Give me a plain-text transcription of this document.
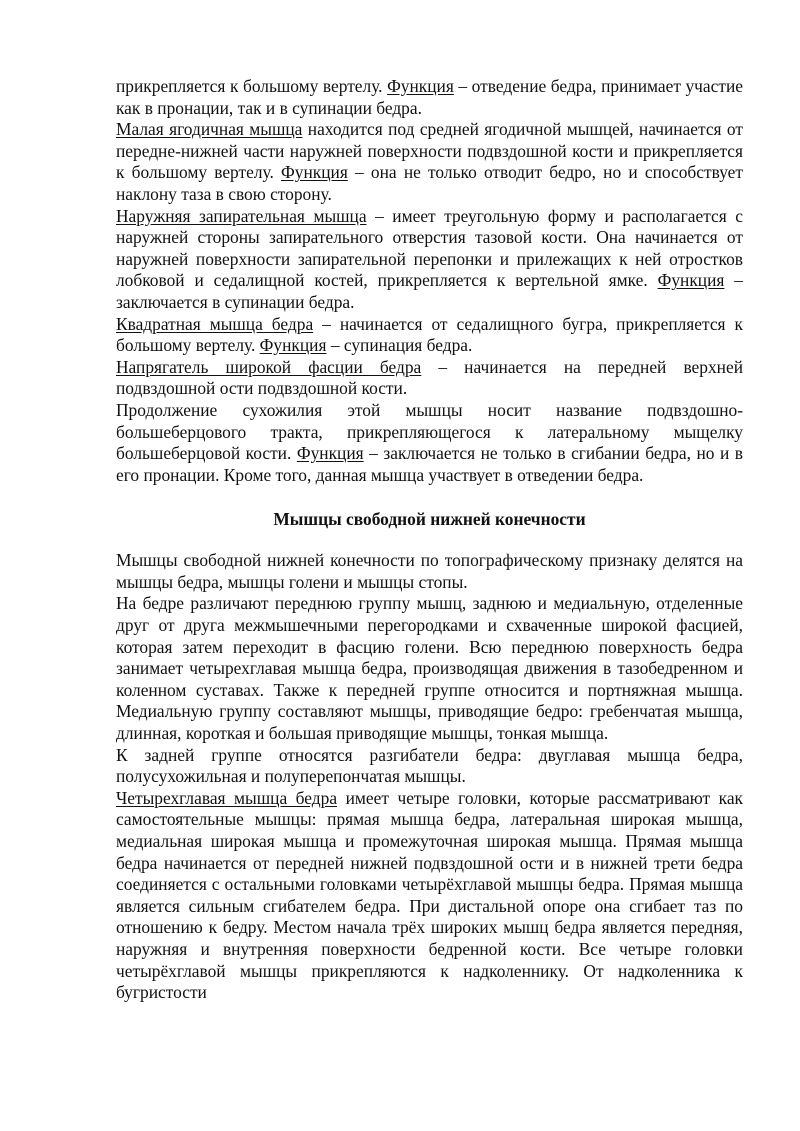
прикрепляется к большому вертелу. Функция – отведение бедра, принимает участие как в пронации, так и в супинации бедра.

Малая ягодичная мышца находится под средней ягодичной мышцей, начинается от передне-нижней части наружней поверхности подвздошной кости и прикрепляется к большому вертелу. Функция – она не только отводит бедро, но и способствует наклону таза в свою сторону.

Наружняя запирательная мышца – имеет треугольную форму и располагается с наружней стороны запирательного отверстия тазовой кости. Она начинается от наружней поверхности запирательной перепонки и прилежащих к ней отростков лобковой и седалищной костей, прикрепляется к вертельной ямке. Функция – заключается в супинации бедра.

Квадратная мышца бедра – начинается от седалищного бугра, прикрепляется к большому вертелу. Функция – супинация бедра.

Напрягатель широкой фасции бедра – начинается на передней верхней подвздошной ости подвздошной кости.

Продолжение сухожилия этой мышцы носит название подвздошно-большеберцового тракта, прикрепляющегося к латеральному мыщелку большеберцовой кости. Функция – заключается не только в сгибании бедра, но и в его пронации. Кроме того, данная мышца участвует в отведении бедра.

Мышцы свободной нижней конечности

Мышцы свободной нижней конечности по топографическому признаку делятся на мышцы бедра, мышцы голени и мышцы стопы.

На бедре различают переднюю группу мышц, заднюю и медиальную, отделенные друг от друга межмышечными перегородками и схваченные широкой фасцией, которая затем переходит в фасцию голени. Всю переднюю поверхность бедра занимает четырехглавая мышца бедра, производящая движения в тазобедренном и коленном суставах. Также к передней группе относится и портняжная мышца. Медиальную группу составляют мышцы, приводящие бедро: гребенчатая мышца, длинная, короткая и большая приводящие мышцы, тонкая мышца.

К задней группе относятся разгибатели бедра: двуглавая мышца бедра, полусухожильная и полуперепончатая мышцы.

Четырехглавая мышца бедра имеет четыре головки, которые рассматривают как самостоятельные мышцы: прямая мышца бедра, латеральная широкая мышца, медиальная широкая мышца и промежуточная широкая мышца. Прямая мышца бедра начинается от передней нижней подвздошной ости и в нижней трети бедра соединяется с остальными головками четырёхглавой мышцы бедра. Прямая мышца является сильным сгибателем бедра. При дистальной опоре она сгибает таз по отношению к бедру. Местом начала трёх широких мышц бедра является передняя, наружняя и внутренняя поверхности бедренной кости. Все четыре головки четырёхглавой мышцы прикрепляются к надколеннику. От надколенника к бугристости
